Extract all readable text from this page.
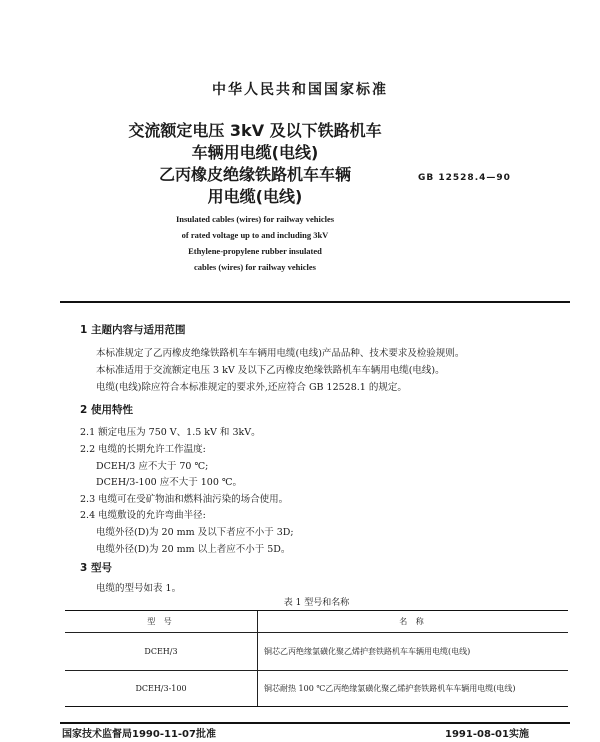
中华人民共和国国家标准
交流额定电压 3kV 及以下铁路机车
车辆用电缆(电线)
乙丙橡皮绝缘铁路机车车辆
用电缆(电线)
GB 12528.4—90
Insulated cables (wires) for railway vehicles
of rated voltage up to and including 3kV
Ethylene-propylene rubber insulated
cables (wires) for railway vehicles
1 主题内容与适用范围
本标准规定了乙丙橡皮绝缘铁路机车车辆用电缆(电线)产品品种、技术要求及检验规则。
本标准适用于交流额定电压 3 kV 及以下乙丙橡皮绝缘铁路机车车辆用电缆(电线)。
电缆(电线)除应符合本标准规定的要求外,还应符合 GB 12528.1 的规定。
2 使用特性
2.1 额定电压为 750 V、1.5 kV 和 3kV。
2.2 电缆的长期允许工作温度:
DCEH/3 应不大于 70 ℃;
DCEH/3-100 应不大于 100 ℃。
2.3 电缆可在受矿物油和燃料油污染的场合使用。
2.4 电缆敷设的允许弯曲半径:
电缆外径(D)为 20 mm 及以下者应不小于 3D;
电缆外径(D)为 20 mm 以上者应不小于 5D。
3 型号
电缆的型号如表 1。
表 1 型号和名称
型 号	名 称
DCEH/3	铜芯乙丙绝缘氯磺化聚乙烯护套铁路机车车辆用电缆(电线)
DCEH/3-100	铜芯耐热 100 ℃乙丙绝缘氯磺化聚乙烯护套铁路机车车辆用电缆(电线)
国家技术监督局1990-11-07批准	1991-08-01实施
